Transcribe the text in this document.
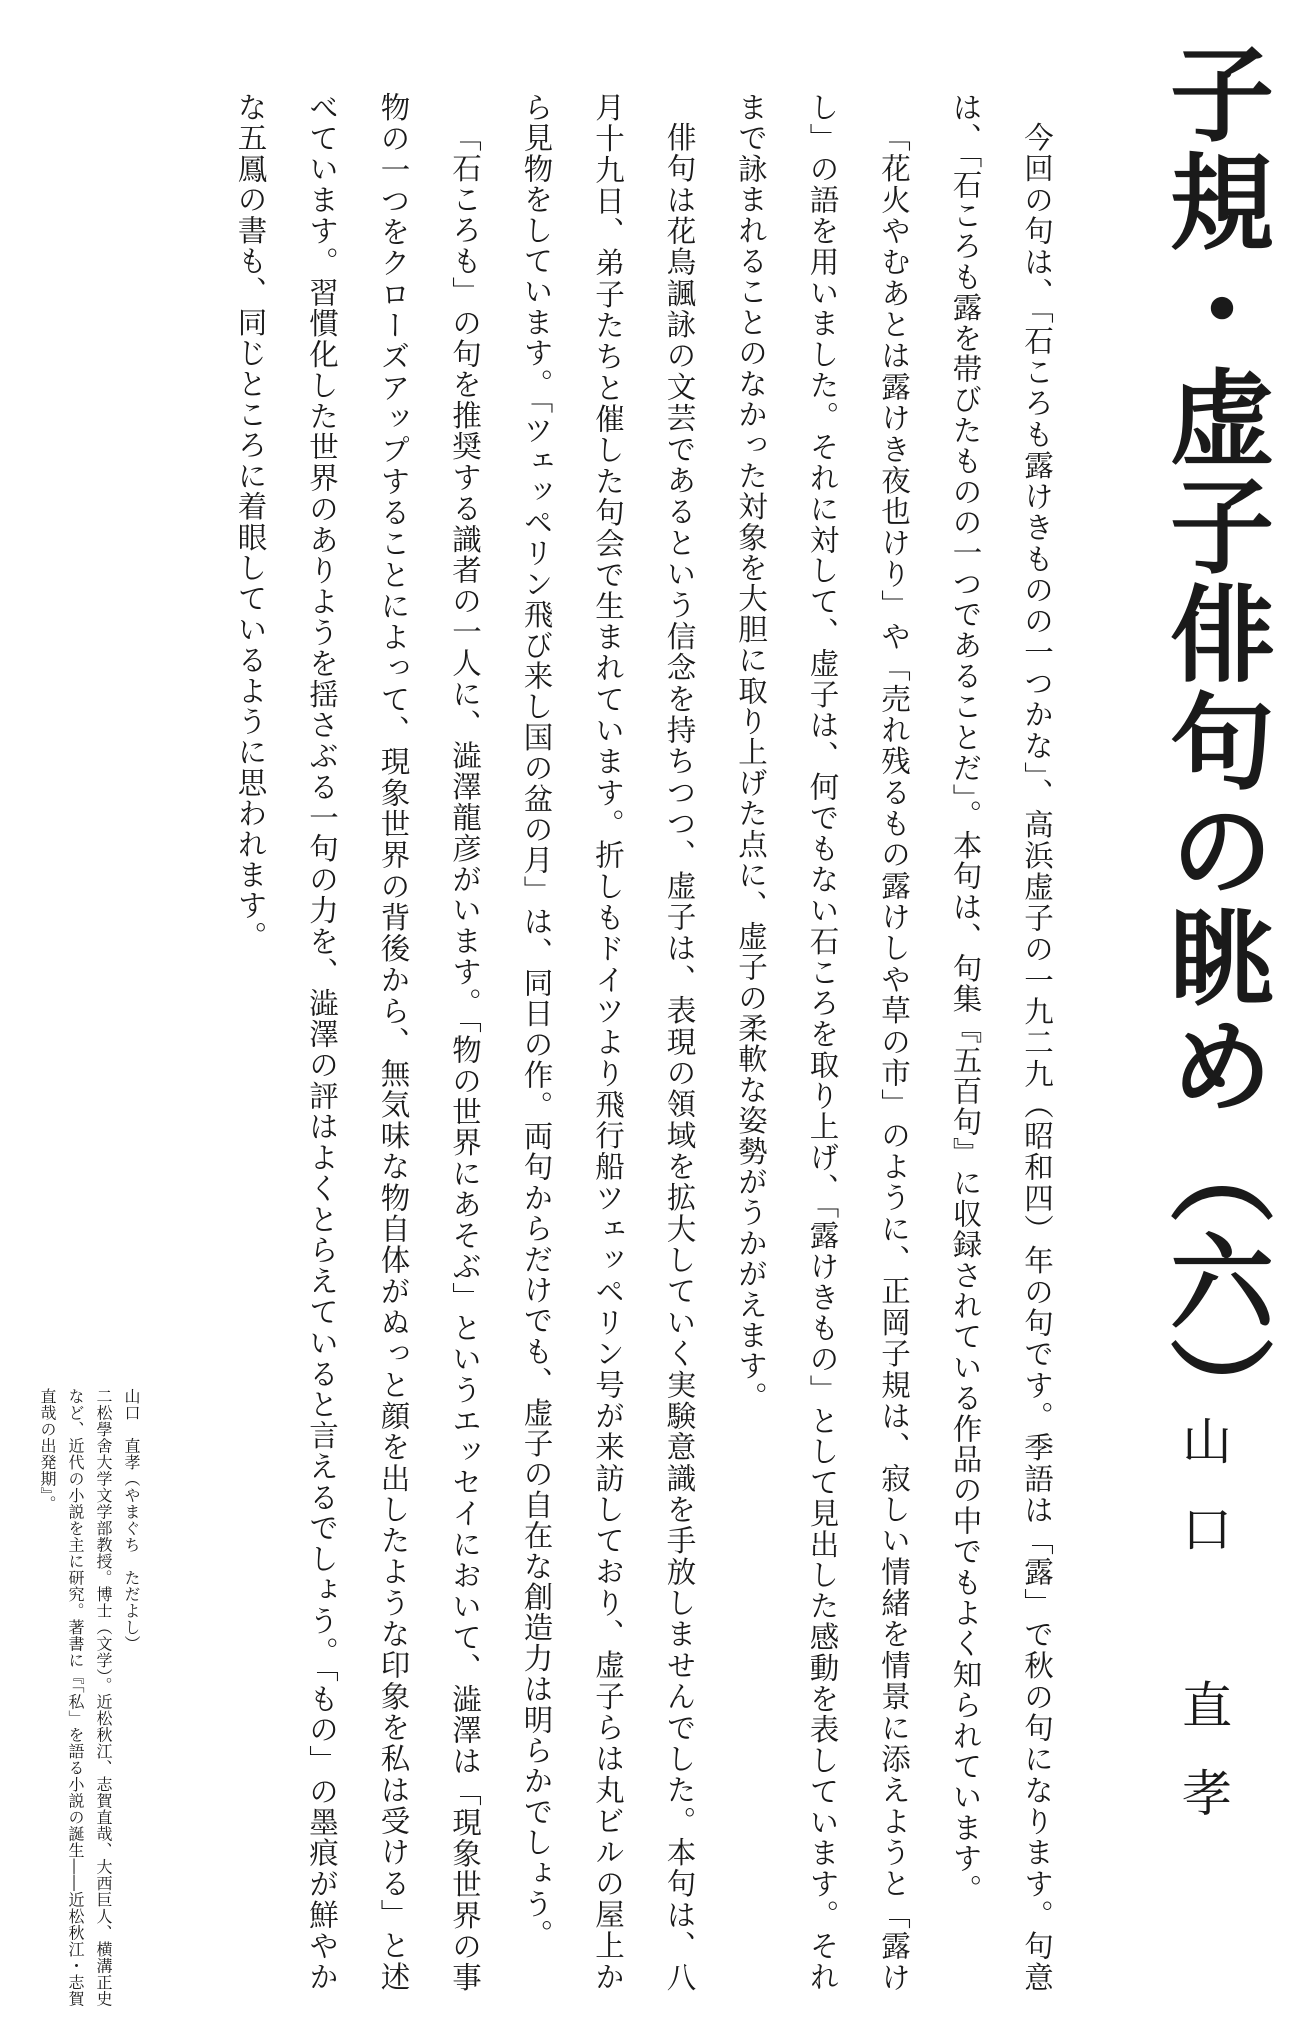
子規・虚子俳句の眺め（六）
山口　直孝

今回の句は、「石ころも露けきものの一つかな」、高浜虚子の一九二九（昭和四）年の句です。季語は「露」で秋の句になります。句意は、「石ころも露を帯びたものの一つであることだ」。本句は、句集『五百句』に収録されている作品の中でもよく知られています。

「花火やむあとは露けき夜也けり」や「売れ残るもの露けしや草の市」のように、正岡子規は、寂しい情緒を情景に添えようと「露けし」の語を用いました。それに対して、虚子は、何でもない石ころを取り上げ、「露けきもの」として見出した感動を表しています。それまで詠まれることのなかった対象を大胆に取り上げた点に、虚子の柔軟な姿勢がうかがえます。

俳句は花鳥諷詠の文芸であるという信念を持ちつつ、虚子は、表現の領域を拡大していく実験意識を手放しませんでした。本句は、八月十九日、弟子たちと催した句会で生まれています。折しもドイツより飛行船ツェッペリン号が来訪しており、虚子らは丸ビルの屋上から見物をしています。「ツェッペリン飛び来し国の盆の月」は、同日の作。両句からだけでも、虚子の自在な創造力は明らかでしょう。

「石ころも」の句を推奨する識者の一人に、澁澤龍彦がいます。「物の世界にあそぶ」というエッセイにおいて、澁澤は「現象世界の事物の一つをクローズアップすることによって、現象世界の背後から、無気味な物自体がぬっと顔を出したような印象を私は受ける」と述べています。習慣化した世界のありようを揺さぶる一句の力を、澁澤の評はよくとらえていると言えるでしょう。「もの」の墨痕が鮮やかな五鳳の書も、同じところに着眼しているように思われます。

山口　直孝（やまぐち　ただよし）
二松學舍大学文学部教授。博士（文学）。近松秋江、志賀直哉、大西巨人、横溝正史など、近代の小説を主に研究。著書に『「私」を語る小説の誕生――近松秋江・志賀直哉の出発期』。
